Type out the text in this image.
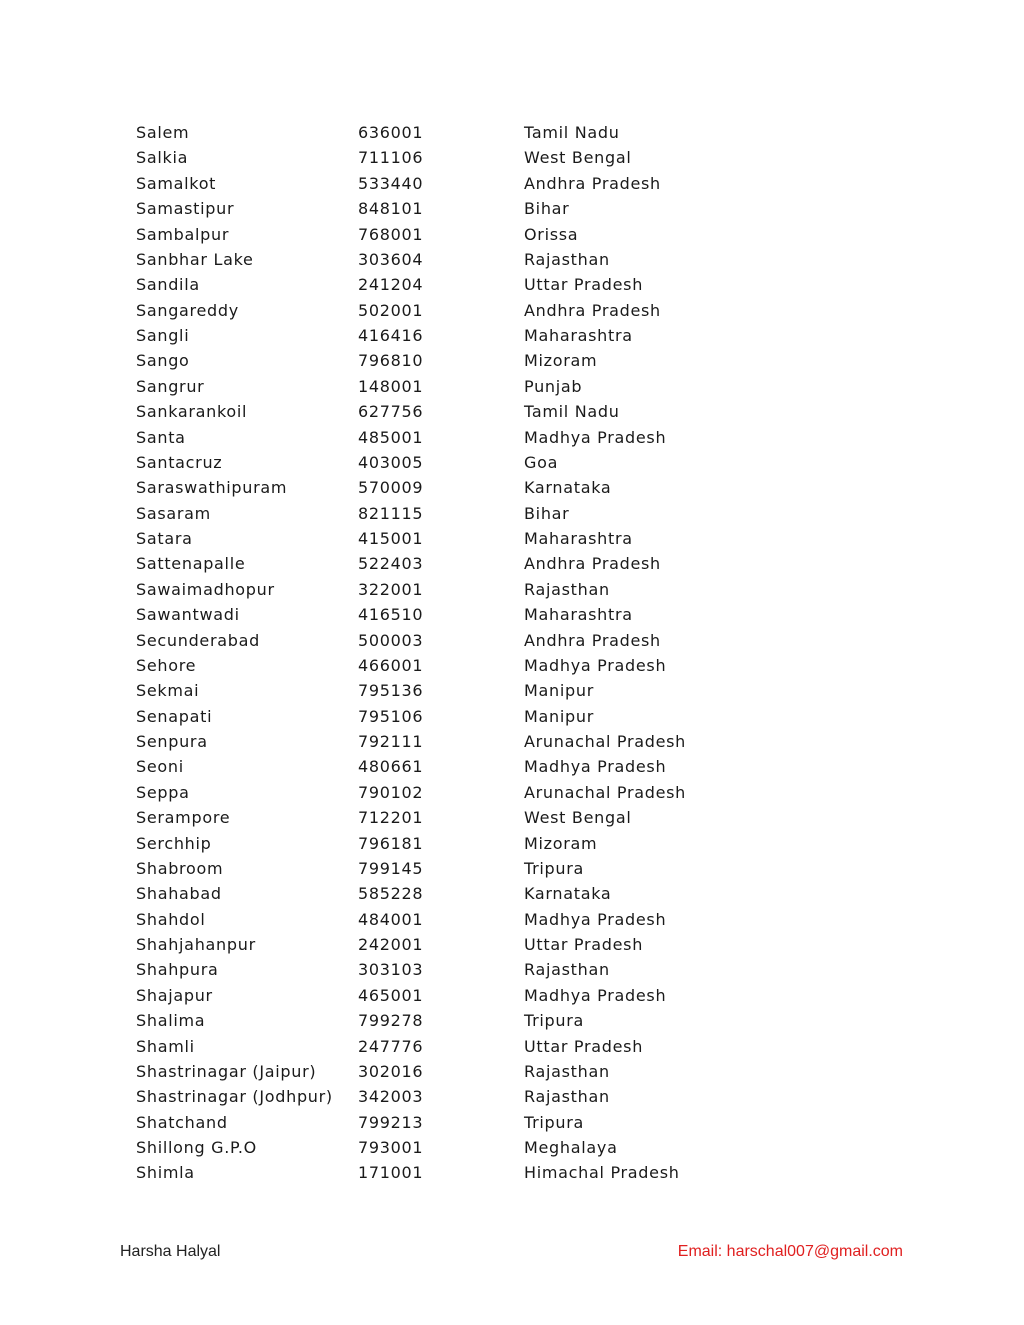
Salem	636001	Tamil Nadu
Salkia	711106	West Bengal
Samalkot	533440	Andhra Pradesh
Samastipur	848101	Bihar
Sambalpur	768001	Orissa
Sanbhar Lake	303604	Rajasthan
Sandila	241204	Uttar Pradesh
Sangareddy	502001	Andhra Pradesh
Sangli	416416	Maharashtra
Sango	796810	Mizoram
Sangrur	148001	Punjab
Sankarankoil	627756	Tamil Nadu
Santa	485001	Madhya Pradesh
Santacruz	403005	Goa
Saraswathipuram	570009	Karnataka
Sasaram	821115	Bihar
Satara	415001	Maharashtra
Sattenapalle	522403	Andhra Pradesh
Sawaimadhopur	322001	Rajasthan
Sawantwadi	416510	Maharashtra
Secunderabad	500003	Andhra Pradesh
Sehore	466001	Madhya Pradesh
Sekmai	795136	Manipur
Senapati	795106	Manipur
Senpura	792111	Arunachal Pradesh
Seoni	480661	Madhya Pradesh
Seppa	790102	Arunachal Pradesh
Serampore	712201	West Bengal
Serchhip	796181	Mizoram
Shabroom	799145	Tripura
Shahabad	585228	Karnataka
Shahdol	484001	Madhya Pradesh
Shahjahanpur	242001	Uttar Pradesh
Shahpura	303103	Rajasthan
Shajapur	465001	Madhya Pradesh
Shalima	799278	Tripura
Shamli	247776	Uttar Pradesh
Shastrinagar (Jaipur)	302016	Rajasthan
Shastrinagar (Jodhpur) 342003	Rajasthan
Shatchand	799213	Tripura
Shillong G.P.O	793001	Meghalaya
Shimla	171001	Himachal Pradesh
Harsha Halyal	Email: harschal007@gmail.com
